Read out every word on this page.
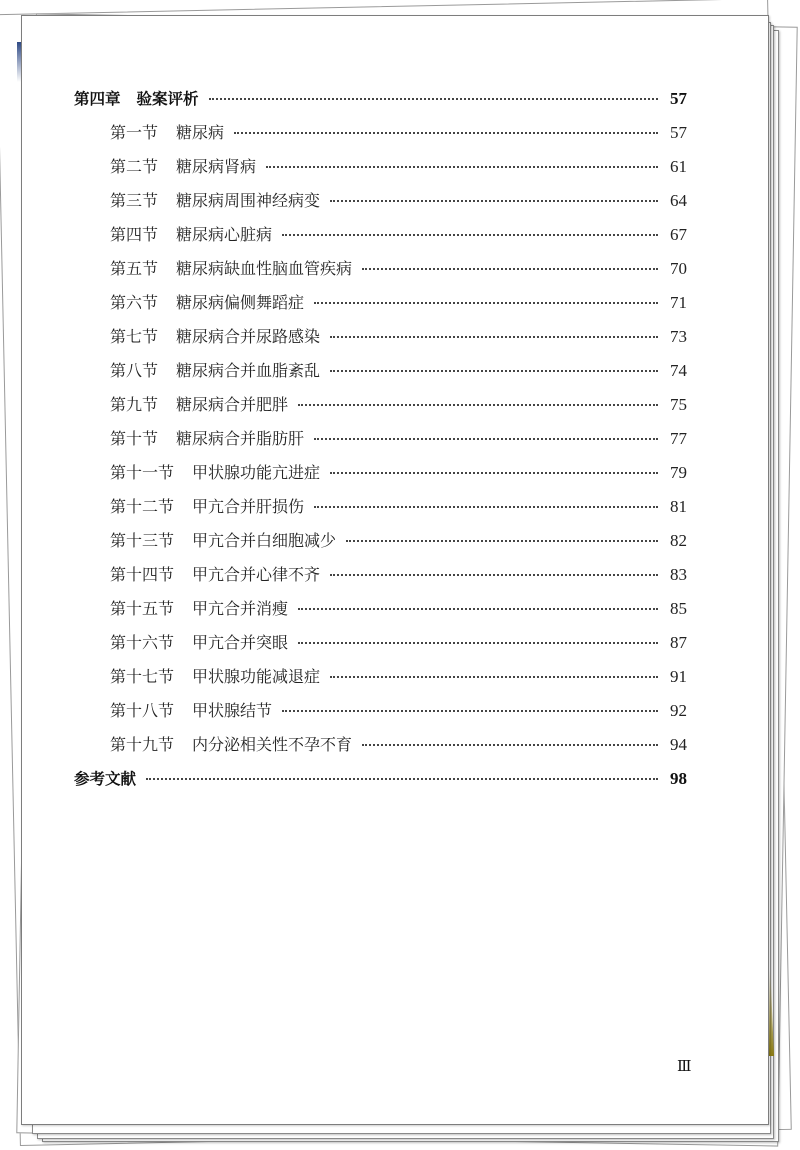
第四章 验案评析	57
第一节 糖尿病	57
第二节 糖尿病肾病	61
第三节 糖尿病周围神经病变	64
第四节 糖尿病心脏病	67
第五节 糖尿病缺血性脑血管疾病	70
第六节 糖尿病偏侧舞蹈症	71
第七节 糖尿病合并尿路感染	73
第八节 糖尿病合并血脂紊乱	74
第九节 糖尿病合并肥胖	75
第十节 糖尿病合并脂肪肝	77
第十一节 甲状腺功能亢进症	79
第十二节 甲亢合并肝损伤	81
第十三节 甲亢合并白细胞减少	82
第十四节 甲亢合并心律不齐	83
第十五节 甲亢合并消瘦	85
第十六节 甲亢合并突眼	87
第十七节 甲状腺功能减退症	91
第十八节 甲状腺结节	92
第十九节 内分泌相关性不孕不育	94
参考文献	98
Ⅲ
